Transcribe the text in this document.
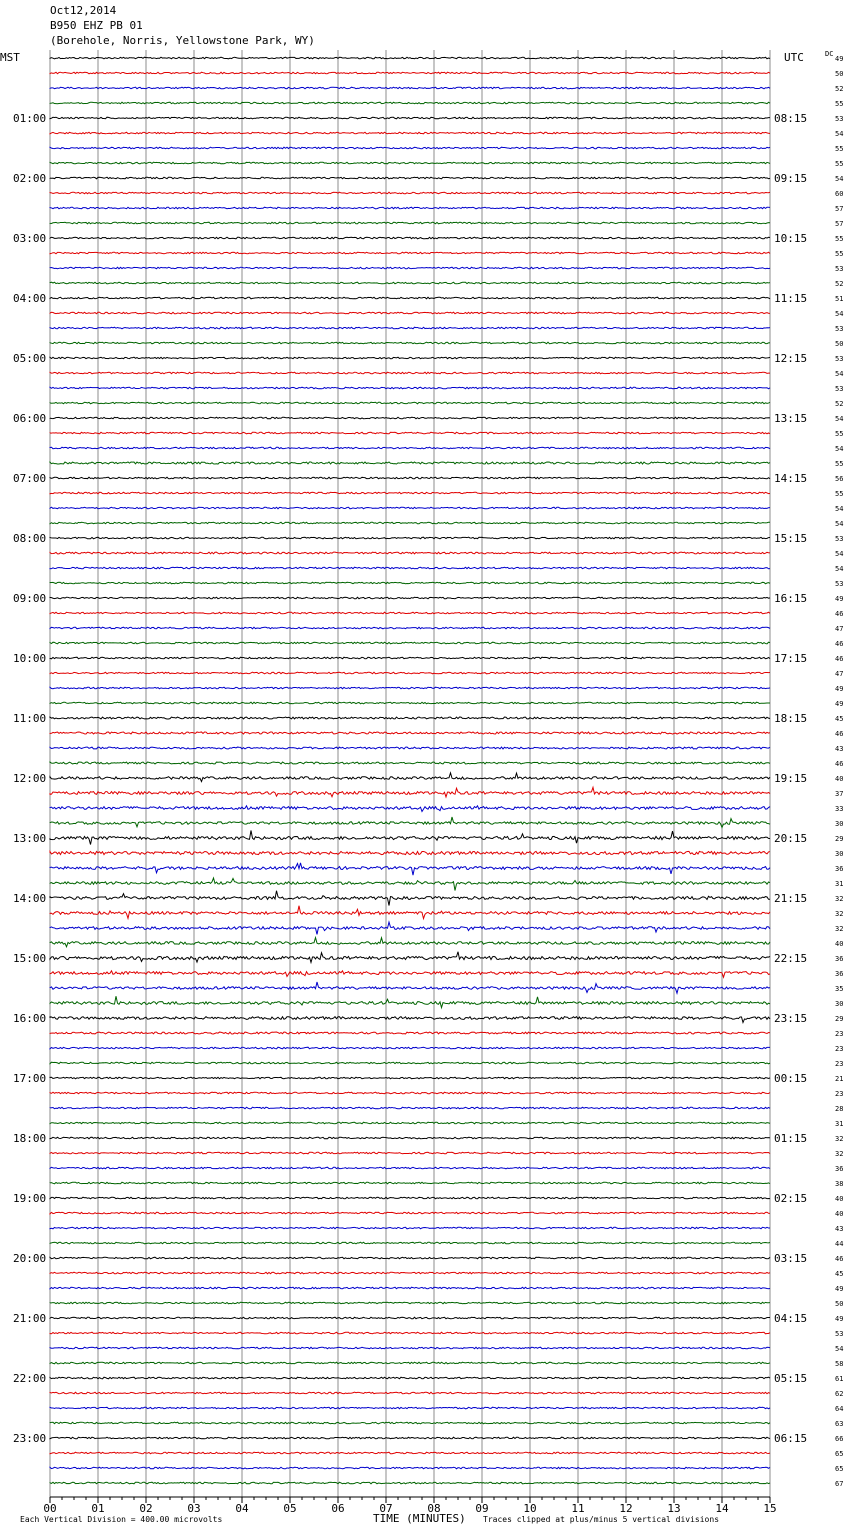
01:00
02:00
03:00
04:00
05:00
06:00
07:00
08:00
09:00
10:00
11:00
12:00
13:00
14:00
15:00
16:00
17:00
18:00
19:00
20:00
21:00
22:00
23:00
08:15
09:15
10:15
11:15
12:15
13:15
14:15
15:15
16:15
17:15
18:15
19:15
20:15
21:15
22:15
23:15
00:15
01:15
02:15
03:15
04:15
05:15
06:15
49
50
52
55
53
54
55
55
54
60
57
57
55
55
53
52
51
54
53
50
53
54
53
52
54
55
54
55
56
55
54
54
53
54
54
53
49
46
47
46
46
47
49
49
45
46
43
46
40
37
33
30
29
30
36
31
32
32
32
40
36
36
35
30
29
23
23
23
21
23
28
31
32
32
36
38
40
40
43
44
46
45
49
50
49
53
54
58
61
62
64
63
66
65
65
67
00	01	02	03	04	05	06	07	08	09	10	11	12	13	14	15
MST	UTC	DC
TIME (MINUTES)
Oct12,2014
B950 EHZ PB 01
(Borehole, Norris, Yellowstone Park, WY)
Each Vertical Division = 400.00 microvolts	Traces clipped at plus/minus 5 vertical divisions
